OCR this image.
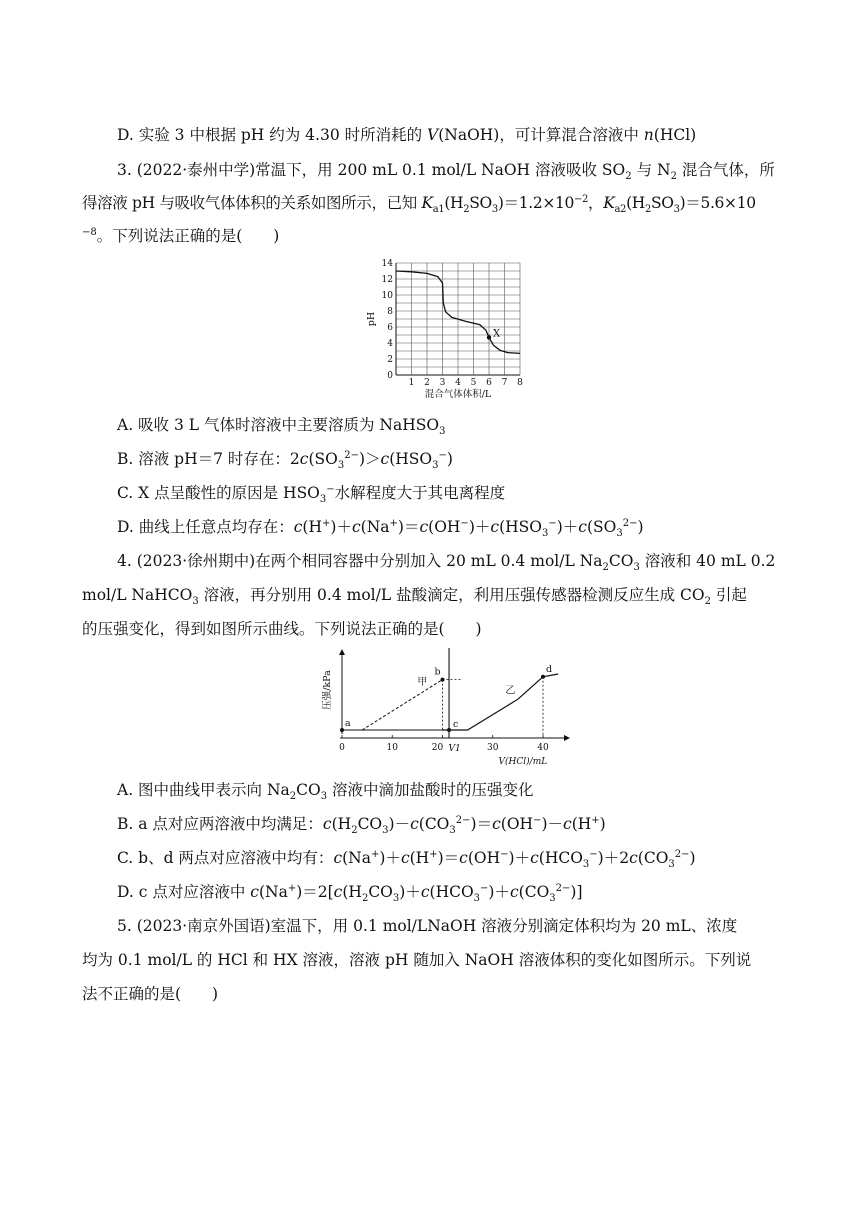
D. 实验 3 中根据 pH 约为 4.30 时所消耗的 V(NaOH)，可计算混合溶液中 n(HCl)
3. (2022·泰州中学)常温下，用 200 mL 0.1 mol/L NaOH 溶液吸收 $SO_2$ 与 $N_2$ 混合气体，所
得溶液 pH 与吸收气体体积的关系如图所示，已知 $K_{a1}(H_2SO_3)=1.2\times 10^{-2}$，$K_{a2}(H_2SO_3)=5.6\times 10$
$^{-8}$。下列说法正确的是(　　)
1 2 3 4 5 6 7 8
0
2
4
6
8
10
12
14
混合气体体积/L
pH
X
A. 吸收 3 L 气体时溶液中主要溶质为 NaHSO$_3$
B. 溶液 pH＝7 时存在：$2c(SO_3^{2-})>c(HSO_3^-)$
C. X 点呈酸性的原因是 $HSO_3^-$水解程度大于其电离程度
D. 曲线上任意点均存在：$c(H^+)+c(Na^+)=c(OH^-)+c(HSO_3^-)+c(SO_3^{2-})$
4. (2023·徐州期中)在两个相同容器中分别加入 20 mL 0.4 mol/L $Na_2CO_3$ 溶液和 40 mL 0.2
mol/L NaHCO$_3$ 溶液，再分别用 0.4 mol/L 盐酸滴定，利用压强传感器检测反应生成 $CO_2$ 引起
的压强变化，得到如图所示曲线。下列说法正确的是(　　)
0	10	20	30	40
V1
V(HCl)/mL
压强/kPa	甲
乙
a
b
c
d
A. 图中曲线甲表示向 $Na_2CO_3$ 溶液中滴加盐酸时的压强变化
B. a 点对应两溶液中均满足：$c(H_2CO_3)-c(CO_3^{2-})=c(OH^-)-c(H^+)$
C. b、d 两点对应溶液中均有：$c(Na^+)+c(H^+)=c(OH^-)+c(HCO_3^-)+2c(CO_3^{2-})$
D. c 点对应溶液中 $c(Na^+)=2[c(H_2CO_3)+c(HCO_3^-)+c(CO_3^{2-})]$
5. (2023·南京外国语)室温下，用 0.1 mol/LNaOH 溶液分别滴定体积均为 20 mL、浓度
均为 0.1 mol/L 的 HCl 和 HX 溶液，溶液 pH 随加入 NaOH 溶液体积的变化如图所示。下列说
法不正确的是(　　)
